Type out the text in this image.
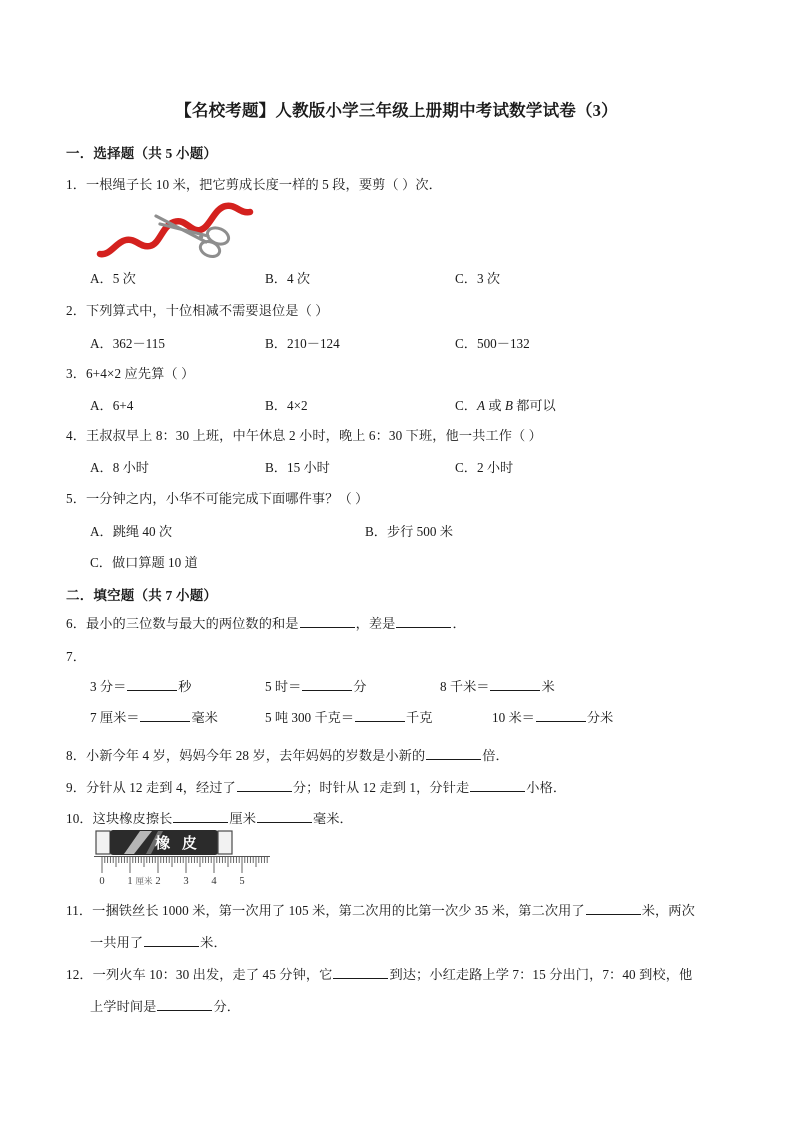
【名校考题】人教版小学三年级上册期中考试数学试卷（3）
一．选择题（共 5 小题）
1．一根绳子长 10 米，把它剪成长度一样的 5 段，要剪（ ）次．
A．5 次	B．4 次	C．3 次
2．下列算式中，十位相减不需要退位是（ ）
A．362－115	B．210－124	C．500－132
3．6+4×2 应先算（ ）
A．6+4	B．4×2	C．A 或 B 都可以
4．王叔叔早上 8：30 上班，中午休息 2 小时，晚上 6：30 下班，他一共工作（ ）
A．8 小时	B．15 小时	C．2 小时
5．一分钟之内，小华不可能完成下面哪件事？（ ）
A．跳绳 40 次	B．步行 500 米
C．做口算题 10 道
二．填空题（共 7 小题）
6．最小的三位数与最大的两位数的和是	，差是	．
7．
3 分＝	秒	5 时＝	分	8 千米＝	米
7 厘米＝	毫米	5 吨 300 千克＝	千克	10 米＝	分米
8．小新今年 4 岁，妈妈今年 28 岁，去年妈妈的岁数是小新的	倍．
9．分针从 12 走到 4，经过了	分；时针从 12 走到 1，分针走	小格．
10．这块橡皮擦长	厘米	毫米．
橡 皮
0 1 2 3 4 5
厘米
11．一捆铁丝长 1000 米，第一次用了 105 米，第二次用的比第一次少 35 米，第二次用了	米，两次
一共用了	米．
12．一列火车 10：30 出发，走了 45 分钟，它	到达；小红走路上学 7：15 分出门，7：40 到校，他
上学时间是	分．
